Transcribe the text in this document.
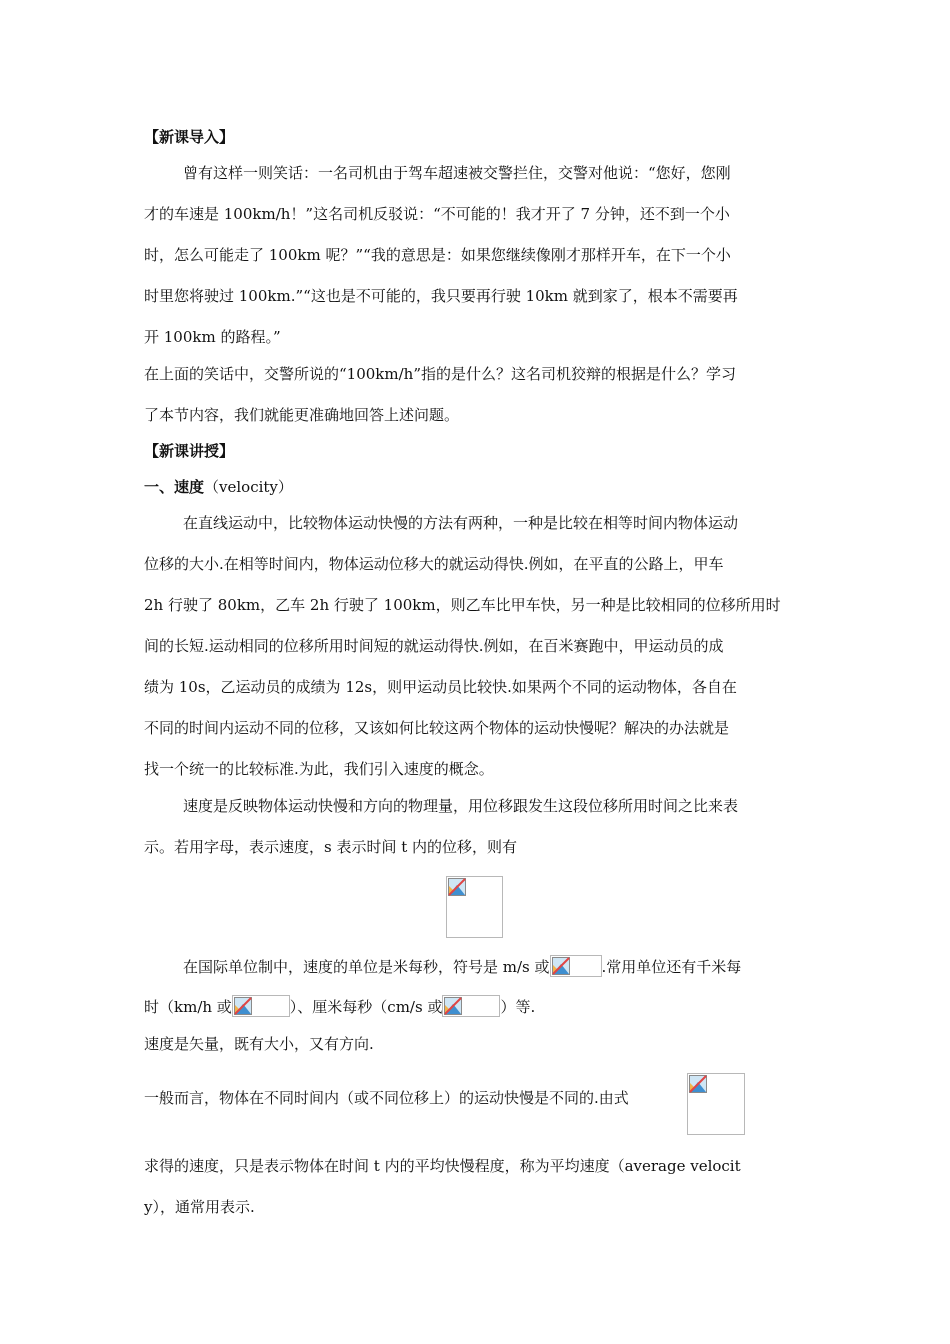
【新课导入】
曾有这样一则笑话：一名司机由于驾车超速被交警拦住，交警对他说：“您好，您刚
才的车速是 100km/h！”这名司机反驳说：“不可能的！我才开了 7 分钟，还不到一个小
时，怎么可能走了 100km 呢？”“我的意思是：如果您继续像刚才那样开车，在下一个小
时里您将驶过 100km.”“这也是不可能的，我只要再行驶 10km 就到家了，根本不需要再
开 100km 的路程。”
在上面的笑话中，交警所说的“100km/h”指的是什么？这名司机狡辩的根据是什么？学习
了本节内容，我们就能更准确地回答上述问题。
【新课讲授】
一、速度（velocity）
在直线运动中，比较物体运动快慢的方法有两种，一种是比较在相等时间内物体运动
位移的大小.在相等时间内，物体运动位移大的就运动得快.例如，在平直的公路上，甲车
2h 行驶了 80km，乙车 2h 行驶了 100km，则乙车比甲车快，另一种是比较相同的位移所用时
间的长短.运动相同的位移所用时间短的就运动得快.例如，在百米赛跑中，甲运动员的成
绩为 10s，乙运动员的成绩为 12s，则甲运动员比较快.如果两个不同的运动物体，各自在
不同的时间内运动不同的位移，又该如何比较这两个物体的运动快慢呢？解决的办法就是
找一个统一的比较标准.为此，我们引入速度的概念。
速度是反映物体运动快慢和方向的物理量，用位移跟发生这段位移所用时间之比来表
示。若用字母，表示速度，s 表示时间 t 内的位移，则有
在国际单位制中，速度的单位是米每秒，符号是 m/s 或	.常用单位还有千米每
时（km/h 或	）、厘米每秒（cm/s 或	）等.
速度是矢量，既有大小，又有方向.
一般而言，物体在不同时间内（或不同位移上）的运动快慢是不同的.由式
求得的速度，只是表示物体在时间 t 内的平均快慢程度，称为平均速度（average velocit
y），通常用表示.
